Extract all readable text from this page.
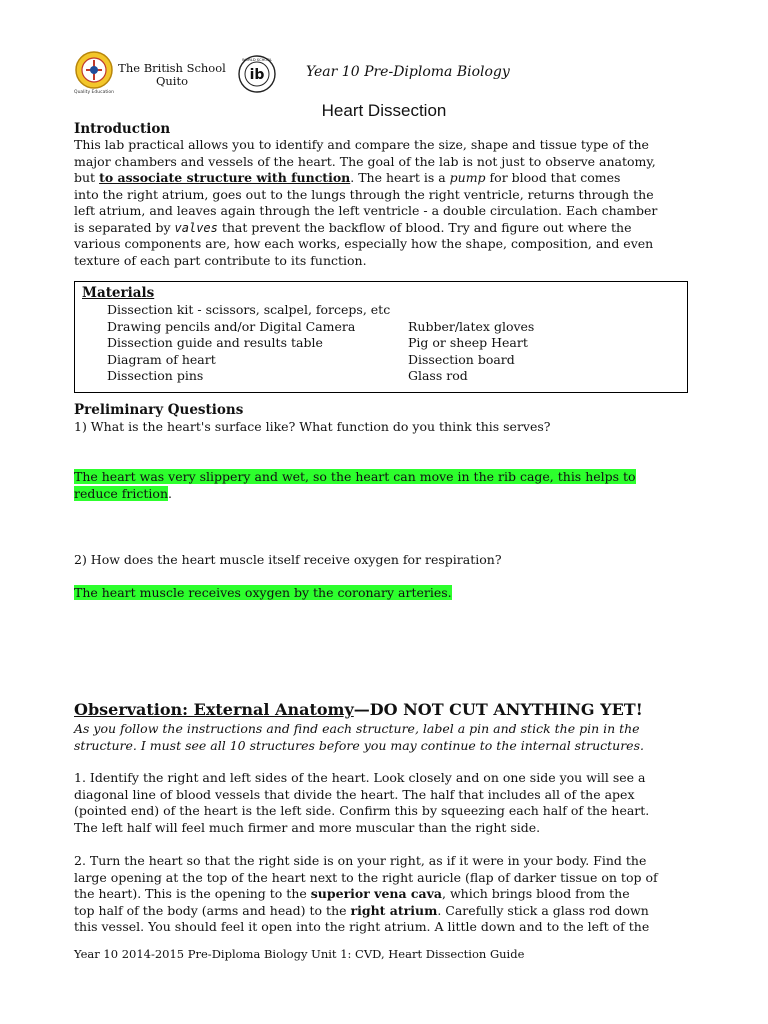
Quality Education
The British School
Quito	ib
WORLD SCHOOL
Year 10 Pre-Diploma Biology
Heart Dissection
Introduction
This lab practical allows you to identify and compare the size, shape and tissue type of the
major chambers and vessels of the heart. The goal of the lab is not just to observe anatomy,
but to associate structure with function. The heart is a pump for blood that comes
into the right atrium, goes out to the lungs through the right ventricle, returns through the
left atrium, and leaves again through the left ventricle - a double circulation. Each chamber
is separated by valves that prevent the backflow of blood. Try and figure out where the
various components are, how each works, especially how the shape, composition, and even
texture of each part contribute to its function.
Materials
Dissection kit - scissors, scalpel, forceps, etc
Drawing pencils and/or Digital Camera
Dissection guide and results table
Diagram of heart
Dissection pins
Rubber/latex gloves
Pig or sheep Heart
Dissection board
Glass rod
Preliminary Questions
1) What is the heart's surface like? What function do you think this serves?
The heart was very slippery and wet, so the heart can move in the rib cage, this helps to
reduce friction.
2) How does the heart muscle itself receive oxygen for respiration?
The heart muscle receives oxygen by the coronary arteries.
Observation: External Anatomy—DO NOT CUT ANYTHING YET!
As you follow the instructions and find each structure, label a pin and stick the pin in the
structure. I must see all 10 structures before you may continue to the internal structures.
1. Identify the right and left sides of the heart. Look closely and on one side you will see a
diagonal line of blood vessels that divide the heart. The half that includes all of the apex
(pointed end) of the heart is the left side. Confirm this by squeezing each half of the heart.
The left half will feel much firmer and more muscular than the right side.
2. Turn the heart so that the right side is on your right, as if it were in your body. Find the
large opening at the top of the heart next to the right auricle (flap of darker tissue on top of
the heart). This is the opening to the superior vena cava, which brings blood from the
top half of the body (arms and head) to the right atrium. Carefully stick a glass rod down
this vessel. You should feel it open into the right atrium. A little down and to the left of the
Year 10 2014-2015 Pre-Diploma Biology Unit 1: CVD, Heart Dissection Guide
